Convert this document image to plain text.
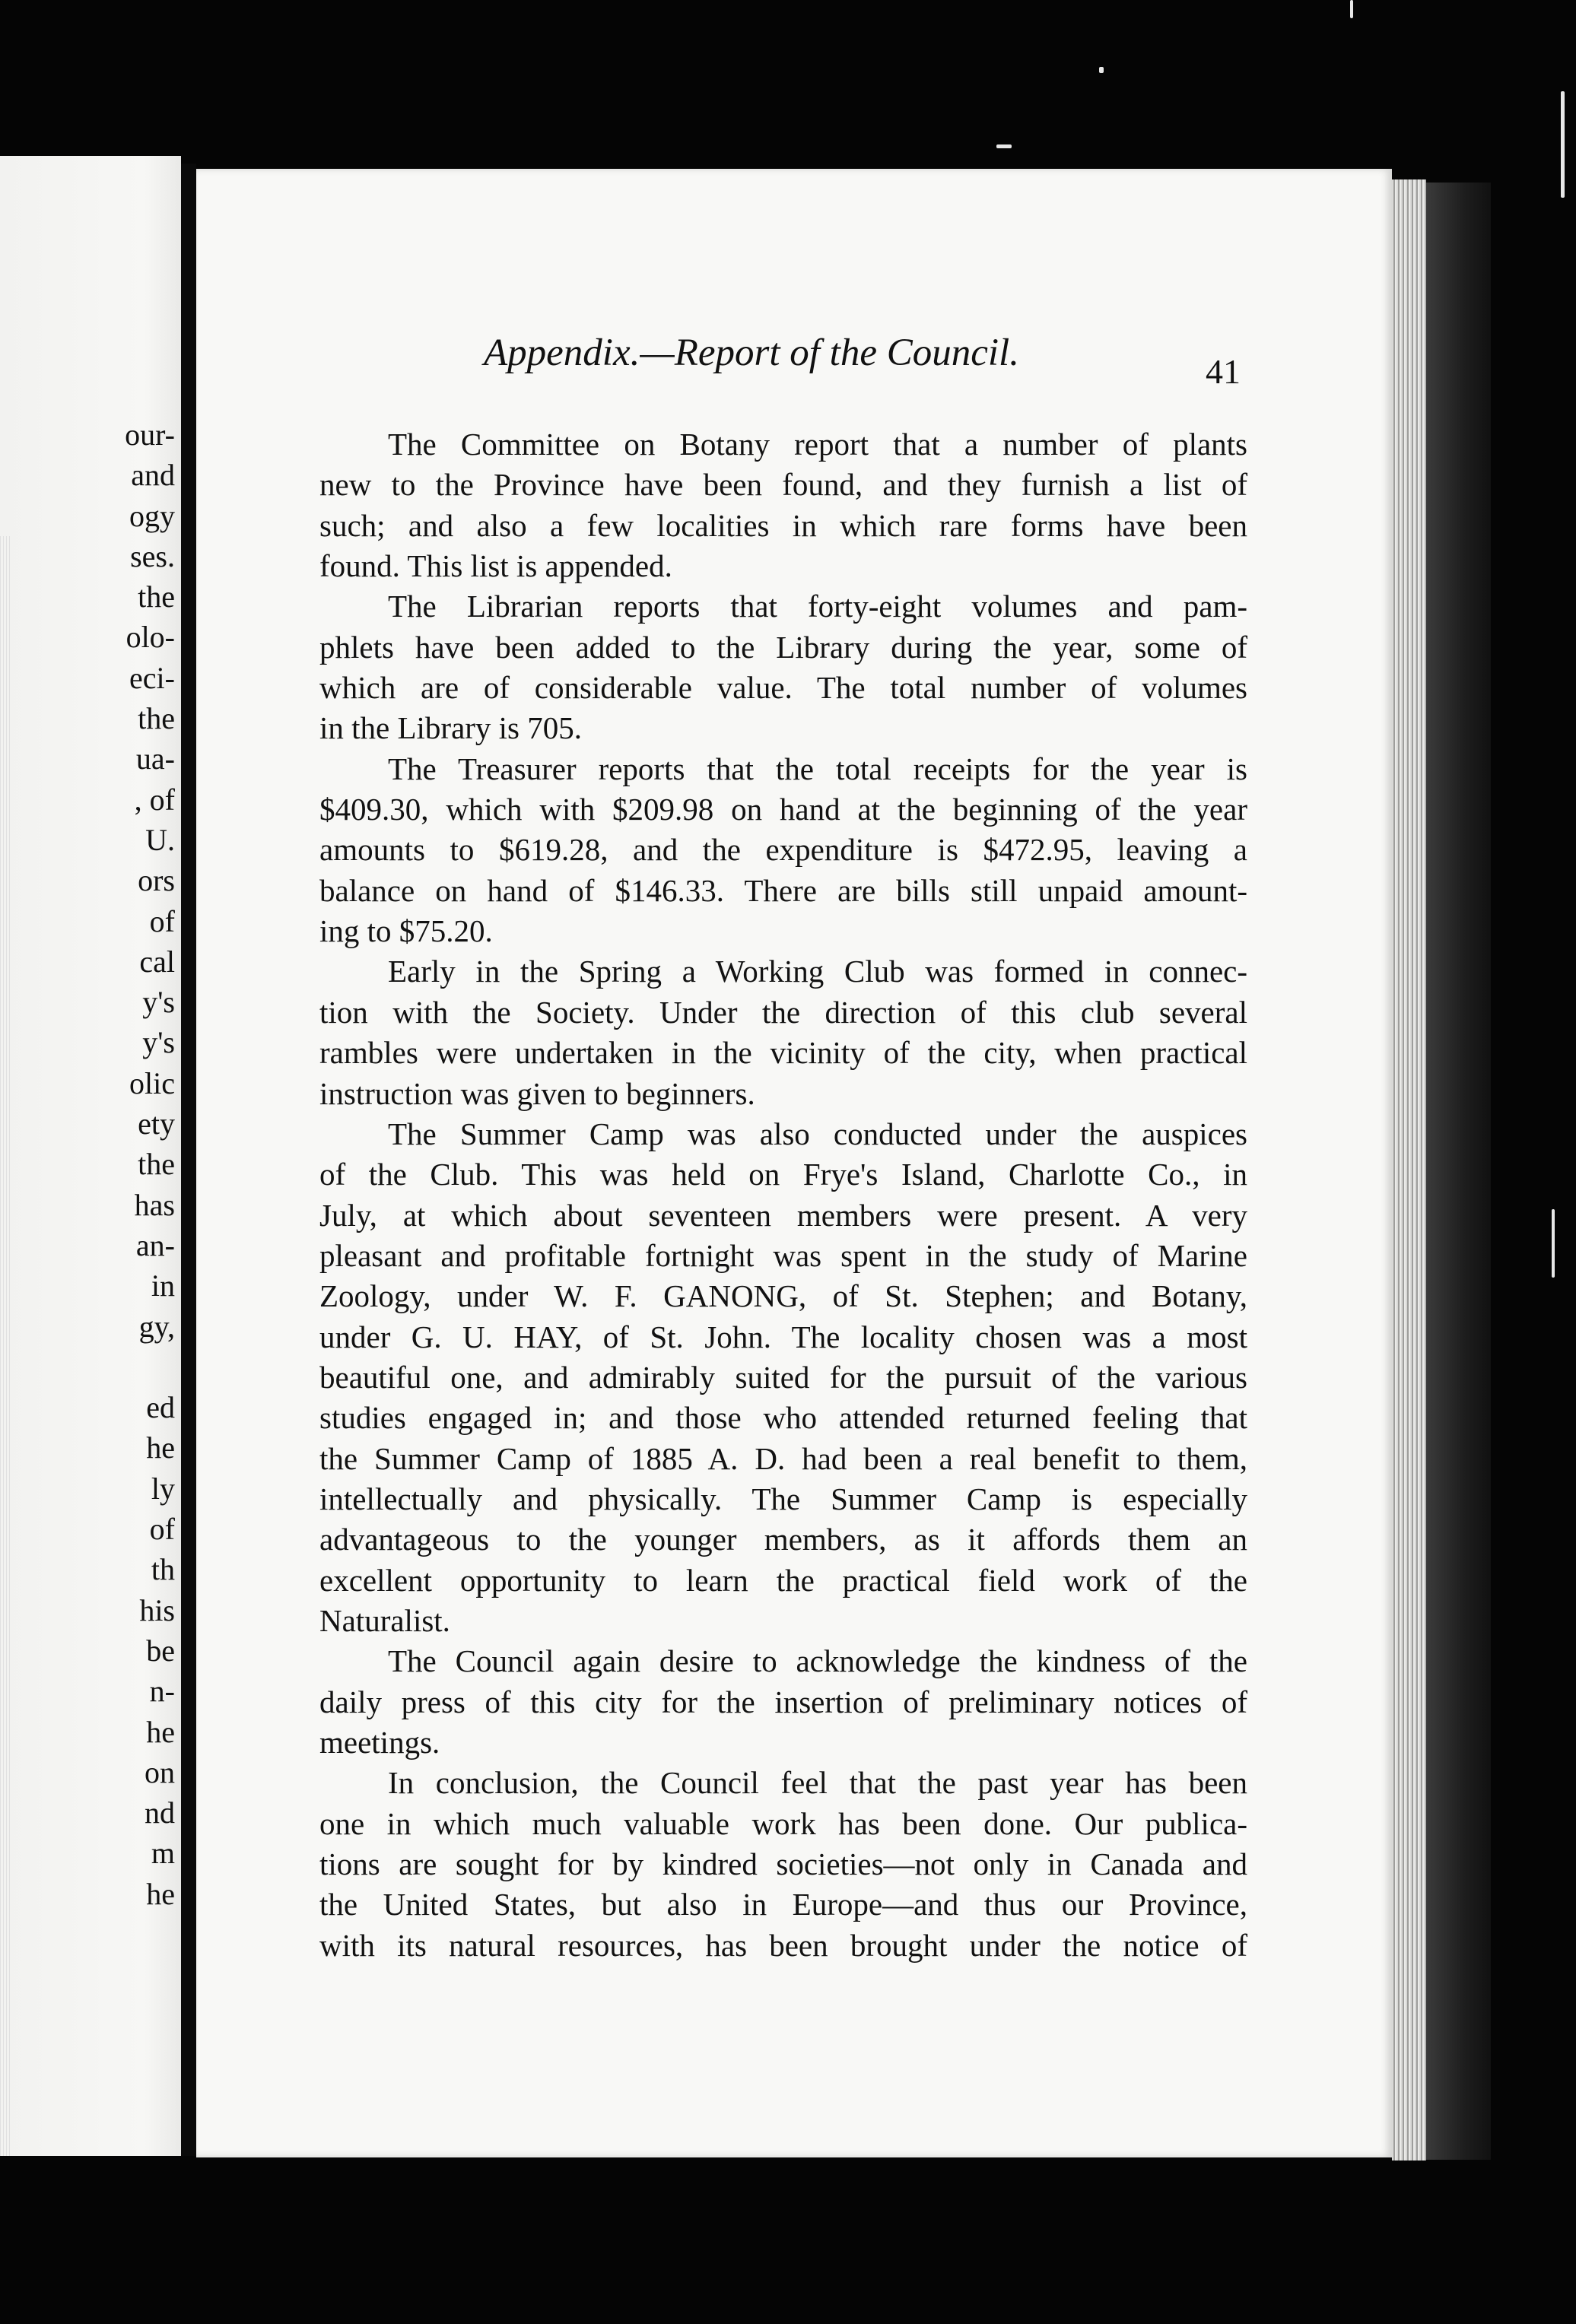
our-
and
ogy
ses.
the
olo-
eci-
the
ua-
, of
U.
ors
of
cal
y's
y's
olic
ety
the
has
an-
in
gy,
ed
he
ly
of
th
his
be
n-
he
on
nd
m
he
Appendix.—Report of the Council.	41
The Committee on Botany report that a number of plants
new to the Province have been found, and they furnish a list of
such; and also a few localities in which rare forms have been
found. This list is appended.
The Librarian reports that forty-eight volumes and pam-
phlets have been added to the Library during the year, some of
which are of considerable value. The total number of volumes
in the Library is 705.
The Treasurer reports that the total receipts for the year is
$409.30, which with $209.98 on hand at the beginning of the year
amounts to $619.28, and the expenditure is $472.95, leaving a
balance on hand of $146.33. There are bills still unpaid amount-
ing to $75.20.
Early in the Spring a Working Club was formed in connec-
tion with the Society. Under the direction of this club several
rambles were undertaken in the vicinity of the city, when practical
instruction was given to beginners.
The Summer Camp was also conducted under the auspices
of the Club. This was held on Frye's Island, Charlotte Co., in
July, at which about seventeen members were present. A very
pleasant and profitable fortnight was spent in the study of Marine
Zoology, under W. F. GANONG, of St. Stephen; and Botany,
under G. U. HAY, of St. John. The locality chosen was a most
beautiful one, and admirably suited for the pursuit of the various
studies engaged in; and those who attended returned feeling that
the Summer Camp of 1885 A. D. had been a real benefit to them,
intellectually and physically. The Summer Camp is especially
advantageous to the younger members, as it affords them an
excellent opportunity to learn the practical field work of the
Naturalist.
The Council again desire to acknowledge the kindness of the
daily press of this city for the insertion of preliminary notices of
meetings.
In conclusion, the Council feel that the past year has been
one in which much valuable work has been done. Our publica-
tions are sought for by kindred societies—not only in Canada and
the United States, but also in Europe—and thus our Province,
with its natural resources, has been brought under the notice of
